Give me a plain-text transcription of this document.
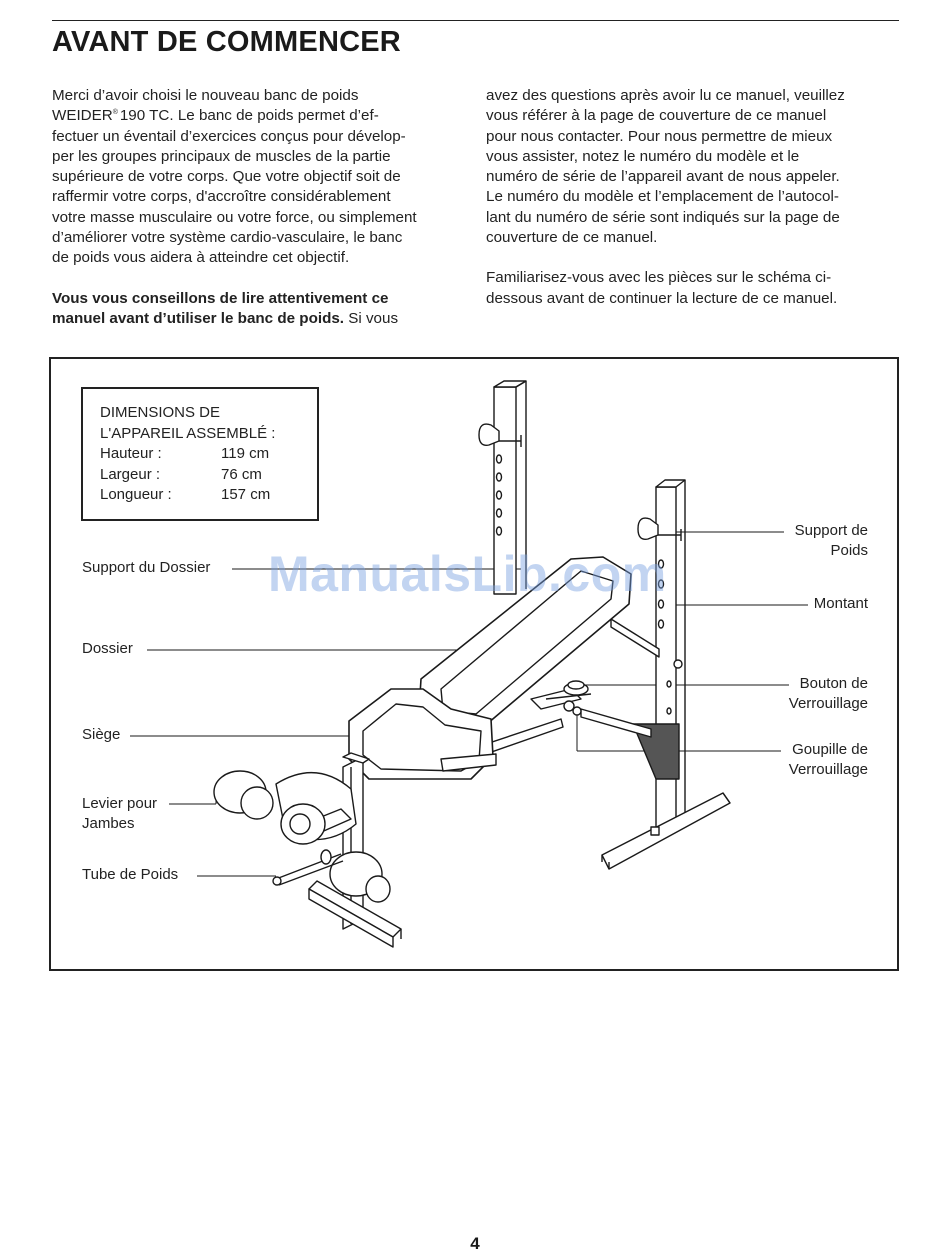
AVANT DE COMMENCER

Merci d’avoir choisi le nouveau banc de poids
WEIDER® 190 TC. Le banc de poids permet d’ef-
fectuer un éventail d’exercices conçus pour dévelop-
per les groupes principaux de muscles de la partie
supérieure de votre corps. Que votre objectif soit de
raffermir votre corps, d'accroître considérablement
votre masse musculaire ou votre force, ou simplement
d’améliorer votre système cardio-vasculaire, le banc
de poids vous aidera à atteindre cet objectif.

Vous vous conseillons de lire attentivement ce
manuel avant d’utiliser le banc de poids. Si vous

avez des questions après avoir lu ce manuel, veuillez
vous référer à la page de couverture de ce manuel
pour nous contacter. Pour nous permettre de mieux
vous assister, notez le numéro du modèle et le
numéro de série de l’appareil avant de nous appeler.
Le numéro du modèle et l’emplacement de l’autocol-
lant du numéro de série sont indiqués sur la page de
couverture de ce manuel.

Familiarisez-vous avec les pièces sur le schéma ci-
dessous avant de continuer la lecture de ce manuel.

DIMENSIONS DE
L'APPAREIL ASSEMBLÉ :
Hauteur :	119 cm
Largeur :	76 cm
Longueur :	157 cm
Support du Dossier
Dossier
Siège
Levier pour
Jambes
Tube de Poids
Support de
Poids
Montant
Bouton de
Verrouillage
Goupille de
Verrouillage
ManualsLib.com
4
